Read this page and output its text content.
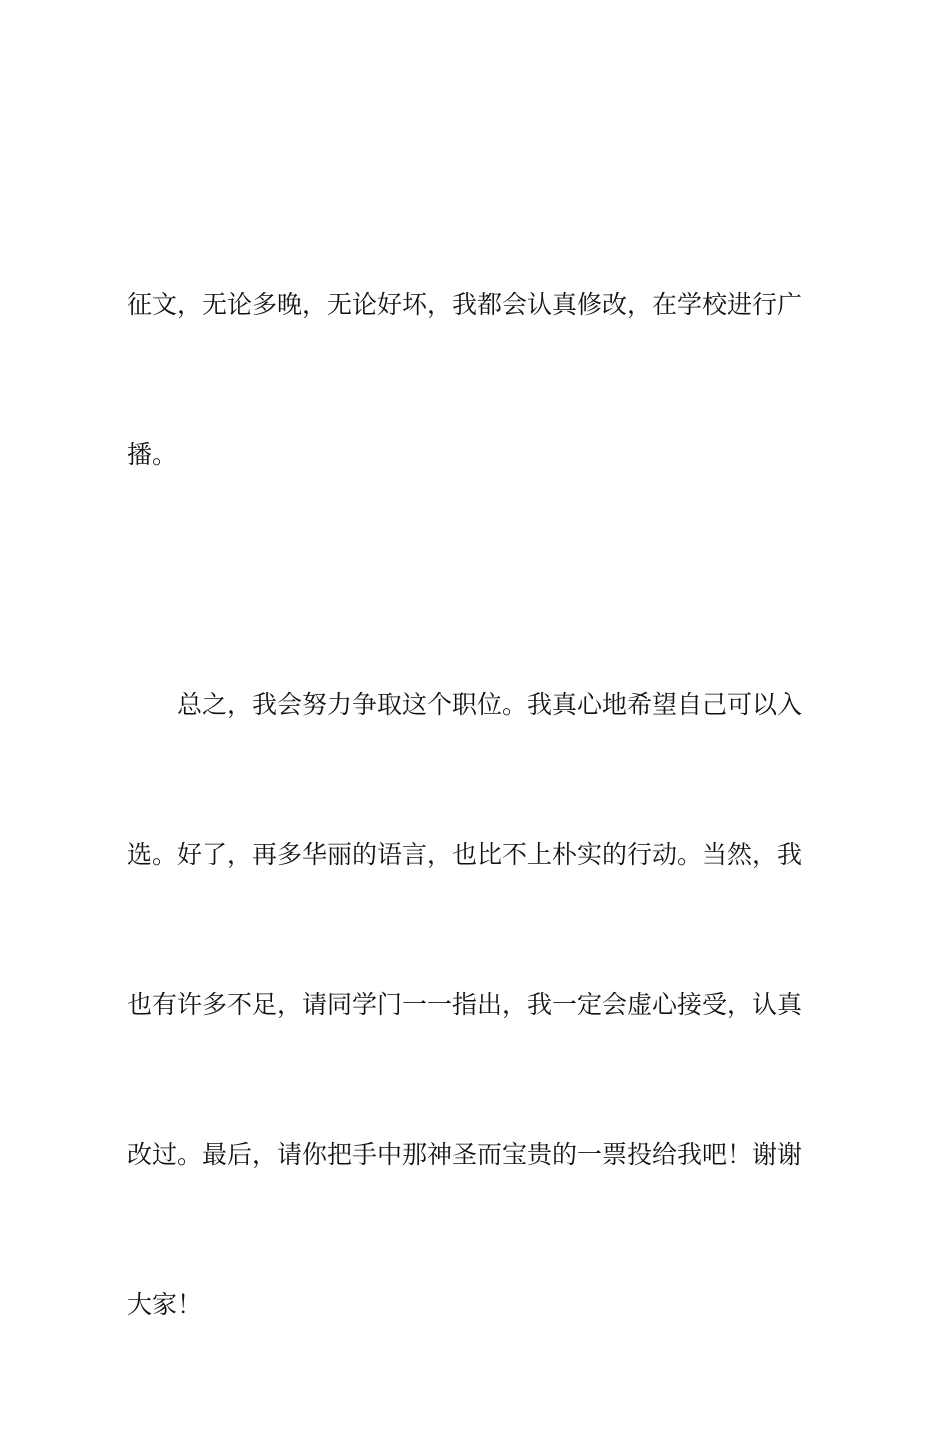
征文，无论多晚，无论好坏，我都会认真修改，在学校进行广

播。

总之，我会努力争取这个职位。我真心地希望自己可以入

选。好了，再多华丽的语言，也比不上朴实的行动。当然，我

也有许多不足，请同学门一一指出，我一定会虚心接受，认真

改过。最后，请你把手中那神圣而宝贵的一票投给我吧！谢谢

大家！
